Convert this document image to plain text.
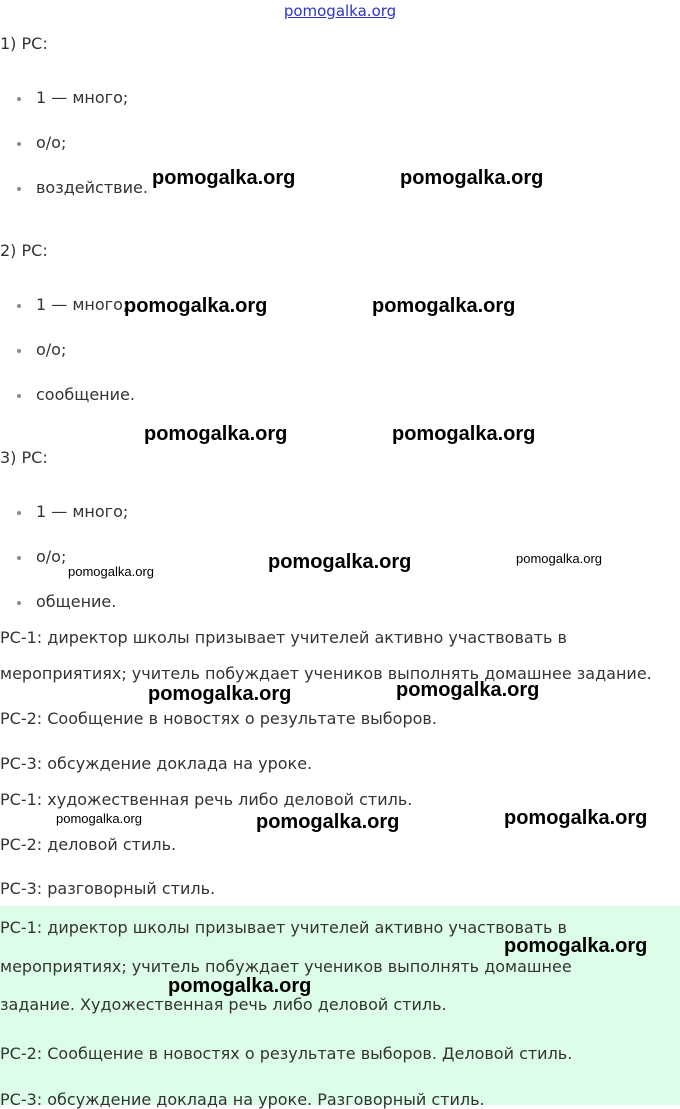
pomogalka.org
1) PC:
1 — много;
о/о;
воздействие.
2) PC:
1 — много;
о/о;
сообщение.
3) PC:
1 — много;
о/о;
общение.
PC-1: директор школы призывает учителей активно участвовать в
мероприятиях; учитель побуждает учеников выполнять домашнее задание.
PC-2: Сообщение в новостях о результате выборов.
PC-3: обсуждение доклада на уроке.
PC-1: художественная речь либо деловой стиль.
PC-2: деловой стиль.
PC-3: разговорный стиль.
PC-1: директор школы призывает учителей активно участвовать в
мероприятиях; учитель побуждает учеников выполнять домашнее
задание. Художественная речь либо деловой стиль.
PC-2: Сообщение в новостях о результате выборов. Деловой стиль.
PC-3: обсуждение доклада на уроке. Разговорный стиль.
pomogalka.org	pomogalka.org
pomogalka.org	pomogalka.org
pomogalka.org	pomogalka.org
pomogalka.org	pomogalka.org	pomogalka.org
pomogalka.org	pomogalka.org
pomogalka.org	pomogalka.org	pomogalka.org
pomogalka.org
pomogalka.org
